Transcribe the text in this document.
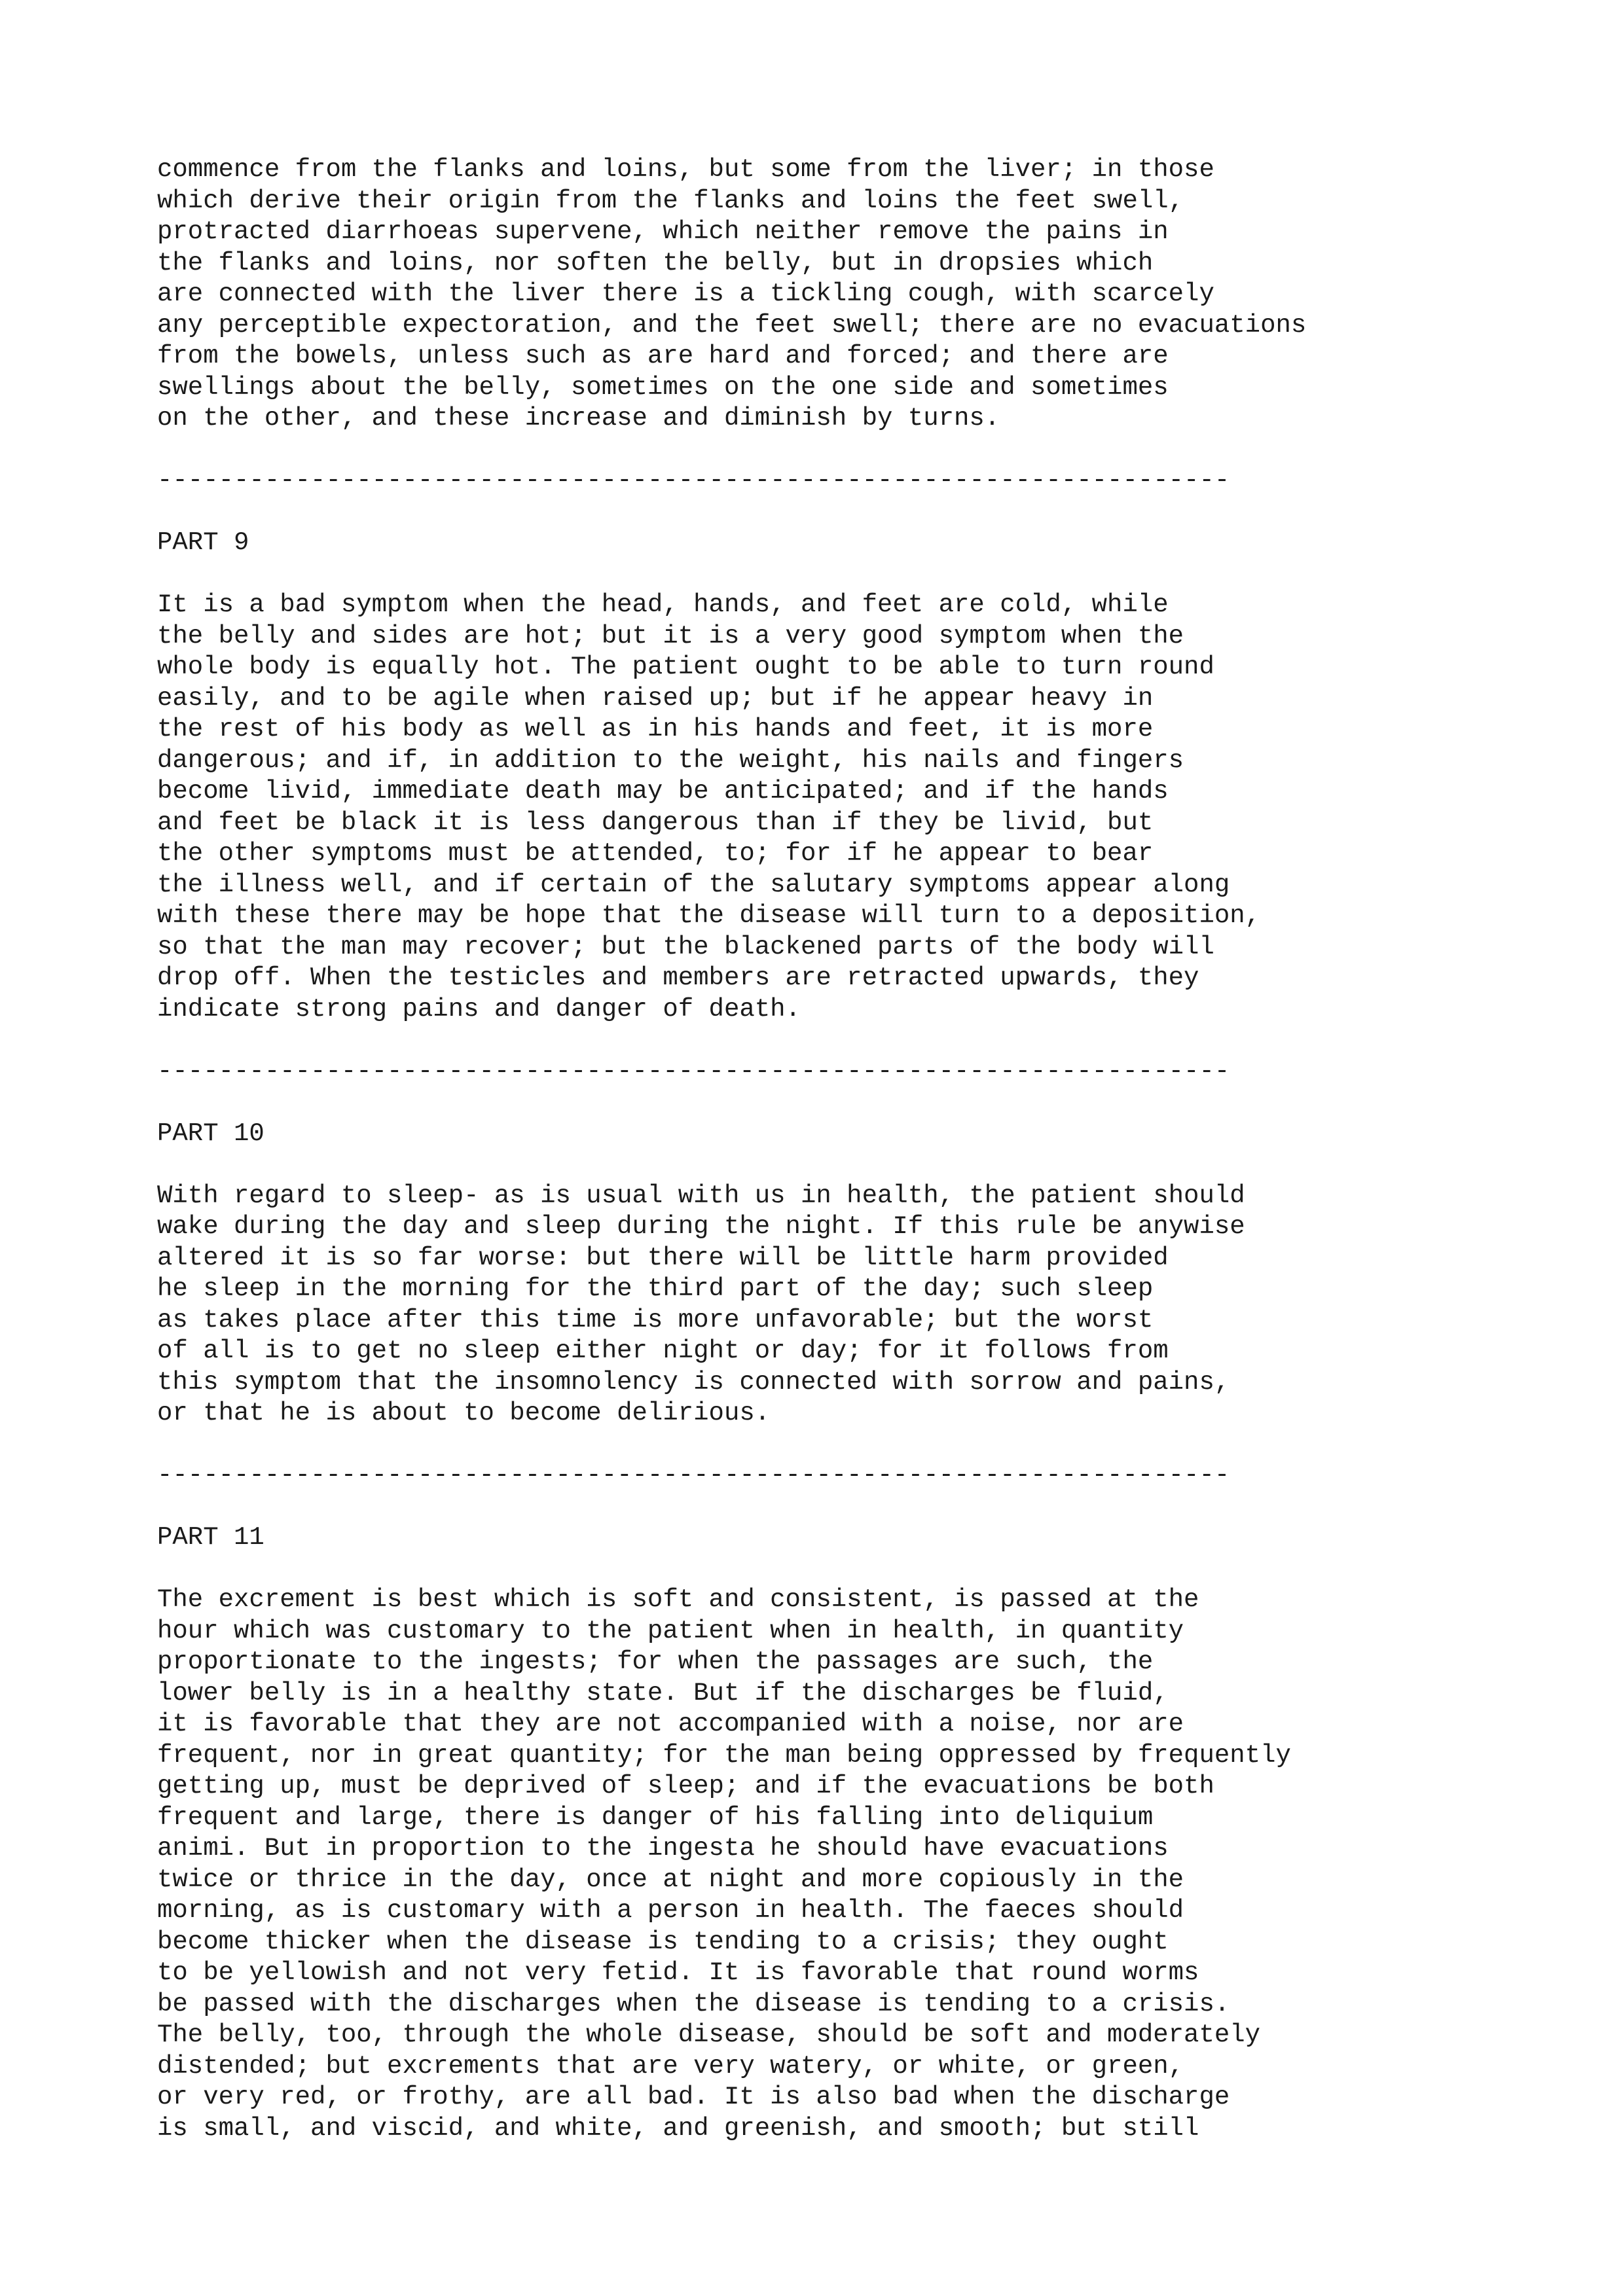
commence from the flanks and loins, but some from the liver; in those
which derive their origin from the flanks and loins the feet swell,
protracted diarrhoeas supervene, which neither remove the pains in
the flanks and loins, nor soften the belly, but in dropsies which
are connected with the liver there is a tickling cough, with scarcely
any perceptible expectoration, and the feet swell; there are no evacuations
from the bowels, unless such as are hard and forced; and there are
swellings about the belly, sometimes on the one side and sometimes
on the other, and these increase and diminish by turns.
----------------------------------------------------------------------
PART 9
It is a bad symptom when the head, hands, and feet are cold, while
the belly and sides are hot; but it is a very good symptom when the
whole body is equally hot. The patient ought to be able to turn round
easily, and to be agile when raised up; but if he appear heavy in
the rest of his body as well as in his hands and feet, it is more
dangerous; and if, in addition to the weight, his nails and fingers
become livid, immediate death may be anticipated; and if the hands
and feet be black it is less dangerous than if they be livid, but
the other symptoms must be attended, to; for if he appear to bear
the illness well, and if certain of the salutary symptoms appear along
with these there may be hope that the disease will turn to a deposition,
so that the man may recover; but the blackened parts of the body will
drop off. When the testicles and members are retracted upwards, they
indicate strong pains and danger of death.
----------------------------------------------------------------------
PART 10
With regard to sleep- as is usual with us in health, the patient should
wake during the day and sleep during the night. If this rule be anywise
altered it is so far worse: but there will be little harm provided
he sleep in the morning for the third part of the day; such sleep
as takes place after this time is more unfavorable; but the worst
of all is to get no sleep either night or day; for it follows from
this symptom that the insomnolency is connected with sorrow and pains,
or that he is about to become delirious.
----------------------------------------------------------------------
PART 11
The excrement is best which is soft and consistent, is passed at the
hour which was customary to the patient when in health, in quantity
proportionate to the ingests; for when the passages are such, the
lower belly is in a healthy state. But if the discharges be fluid,
it is favorable that they are not accompanied with a noise, nor are
frequent, nor in great quantity; for the man being oppressed by frequently
getting up, must be deprived of sleep; and if the evacuations be both
frequent and large, there is danger of his falling into deliquium
animi. But in proportion to the ingesta he should have evacuations
twice or thrice in the day, once at night and more copiously in the
morning, as is customary with a person in health. The faeces should
become thicker when the disease is tending to a crisis; they ought
to be yellowish and not very fetid. It is favorable that round worms
be passed with the discharges when the disease is tending to a crisis.
The belly, too, through the whole disease, should be soft and moderately
distended; but excrements that are very watery, or white, or green,
or very red, or frothy, are all bad. It is also bad when the discharge
is small, and viscid, and white, and greenish, and smooth; but still
